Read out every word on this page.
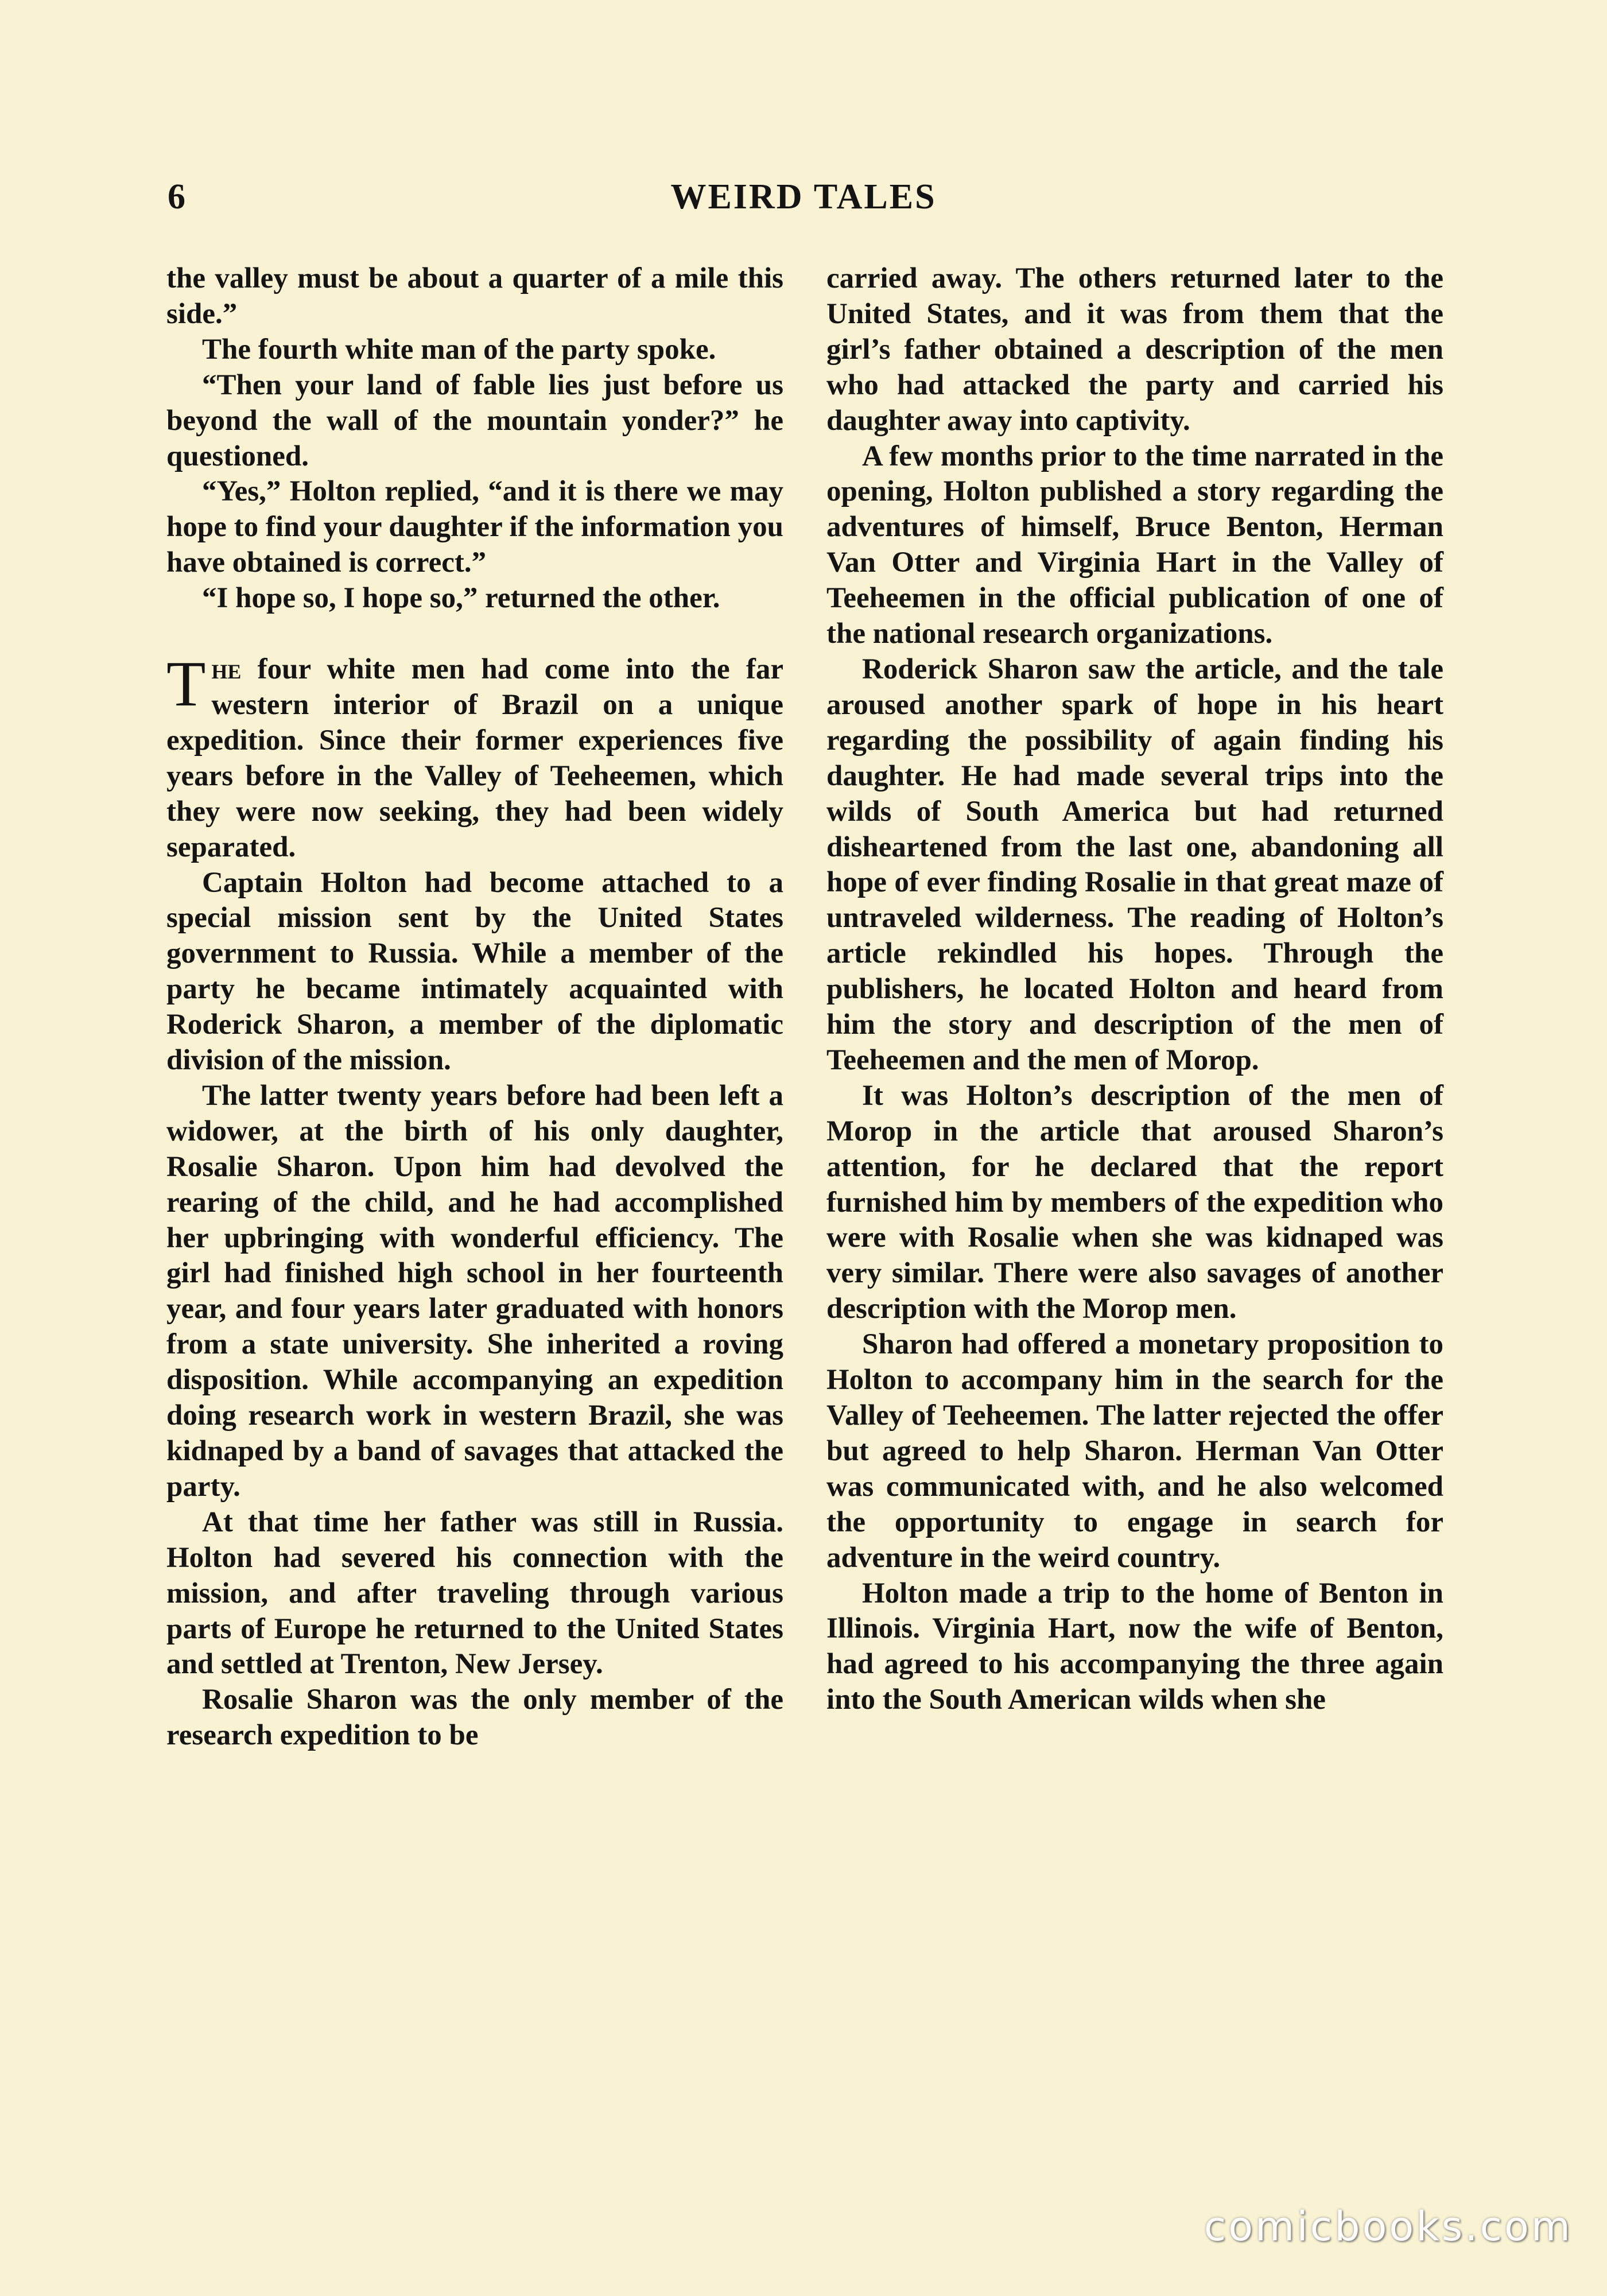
6	WEIRD TALES

the valley must be about a quarter of a mile this side.”

The fourth white man of the party spoke.

“Then your land of fable lies just before us beyond the wall of the mountain yonder?” he questioned.

“Yes,” Holton replied, “and it is there we may hope to find your daughter if the information you have obtained is correct.”

“I hope so, I hope so,” returned the other.

The four white men had come into the far western interior of Brazil on a unique expedition. Since their former experiences five years before in the Valley of Teeheemen, which they were now seeking, they had been widely separated.

Captain Holton had become attached to a special mission sent by the United States government to Russia. While a member of the party he became intimately acquainted with Roderick Sharon, a member of the diplomatic division of the mission.

The latter twenty years before had been left a widower, at the birth of his only daughter, Rosalie Sharon. Upon him had devolved the rearing of the child, and he had accomplished her upbringing with wonderful efficiency. The girl had finished high school in her fourteenth year, and four years later graduated with honors from a state university. She inherited a roving disposition. While accompanying an expedition doing research work in western Brazil, she was kidnaped by a band of savages that attacked the party.

At that time her father was still in Russia. Holton had severed his connection with the mission, and after traveling through various parts of Europe he returned to the United States and settled at Trenton, New Jersey.

Rosalie Sharon was the only member of the research expedition to be

carried away. The others returned later to the United States, and it was from them that the girl’s father obtained a description of the men who had attacked the party and carried his daughter away into captivity.

A few months prior to the time narrated in the opening, Holton published a story regarding the adventures of himself, Bruce Benton, Herman Van Otter and Virginia Hart in the Valley of Teeheemen in the official publication of one of the national research organizations.

Roderick Sharon saw the article, and the tale aroused another spark of hope in his heart regarding the possibility of again finding his daughter. He had made several trips into the wilds of South America but had returned disheartened from the last one, abandoning all hope of ever finding Rosalie in that great maze of untraveled wilderness. The reading of Holton’s article rekindled his hopes. Through the publishers, he located Holton and heard from him the story and description of the men of Teeheemen and the men of Morop.

It was Holton’s description of the men of Morop in the article that aroused Sharon’s attention, for he declared that the report furnished him by members of the expedition who were with Rosalie when she was kidnaped was very similar. There were also savages of another description with the Morop men.

Sharon had offered a monetary proposition to Holton to accompany him in the search for the Valley of Teeheemen. The latter rejected the offer but agreed to help Sharon. Herman Van Otter was communicated with, and he also welcomed the opportunity to engage in search for adventure in the weird country.

Holton made a trip to the home of Benton in Illinois. Virginia Hart, now the wife of Benton, had agreed to his accompanying the three again into the South American wilds when she

comicbooks.com
